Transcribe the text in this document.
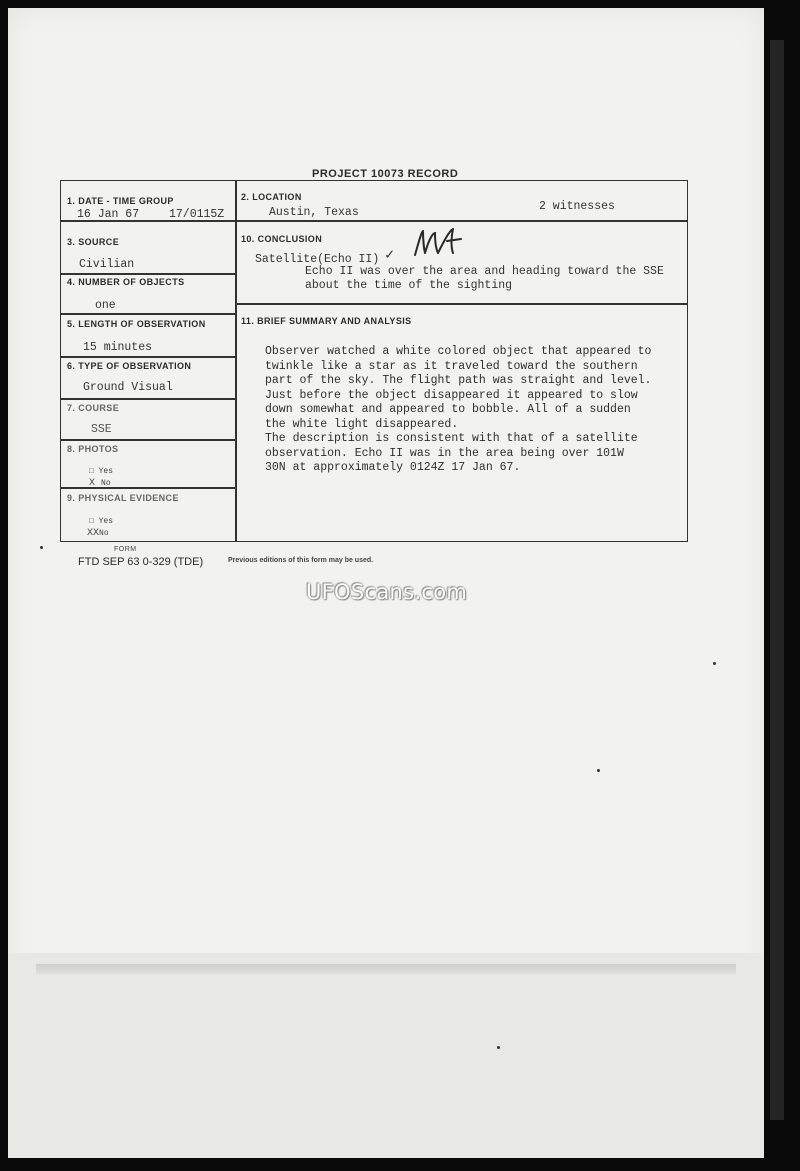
PROJECT 10073 RECORD
1. DATE - TIME GROUP
16 Jan 67	17/0115Z
2. LOCATION
Austin, Texas	2 witnesses
3. SOURCE
Civilian
4. NUMBER OF OBJECTS
one
5. LENGTH OF OBSERVATION
15 minutes
6. TYPE OF OBSERVATION
Ground Visual
7. COURSE
SSE
8. PHOTOS
□ Yes
X No
9. PHYSICAL EVIDENCE
□ Yes
XXNo
10. CONCLUSION
Satellite(Echo II) ✓
Echo II was over the area and heading toward the SSE
about the time of the sighting
11. BRIEF SUMMARY AND ANALYSIS
Observer watched a white colored object that appeared to
twinkle like a star as it traveled toward the southern
part of the sky. The flight path was straight and level.
Just before the object disappeared it appeared to slow
down somewhat and appeared to bobble. All of a sudden
the white light disappeared.
The description is consistent with that of a satellite
observation. Echo II was in the area being over 101W
30N at approximately 0124Z 17 Jan 67.
FORM
FTD SEP 63 0-329 (TDE)	Previous editions of this form may be used.
UFOScans.com
